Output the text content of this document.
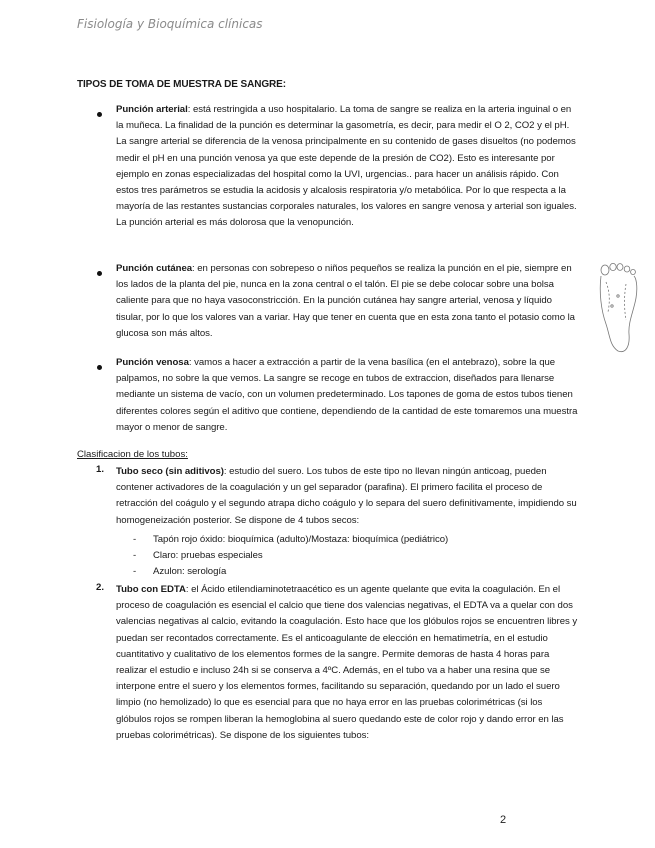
Fisiología y Bioquímica clínicas
TIPOS DE TOMA DE MUESTRA DE SANGRE:
Punción arterial: está restringida a uso hospitalario. La toma de sangre se realiza en la arteria inguinal o en la muñeca. La finalidad de la punción es determinar la gasometría, es decir, para medir el O 2, CO2 y el pH. La sangre arterial se diferencia de la venosa principalmente en su contenido de gases disueltos (no podemos medir el pH en una punción venosa ya que este depende de la presión de CO2). Esto es interesante por ejemplo en zonas especializadas del hospital como la UVI, urgencias.. para hacer un análisis rápido. Con estos tres parámetros se estudia la acidosis y alcalosis respiratoria y/o metabólica. Por lo que respecta a la mayoría de las restantes sustancias corporales naturales, los valores en sangre venosa y arterial son iguales. La punción arterial es más dolorosa que la venopunción.
Punción cutánea: en personas con sobrepeso o niños pequeños se realiza la punción en el pie, siempre en los lados de la planta del pie, nunca en la zona central o el talón. El pie se debe colocar sobre una bolsa caliente para que no haya vasoconstricción. En la punción cutánea hay sangre arterial, venosa y líquido tisular, por lo que los valores van a variar. Hay que tener en cuenta que en esta zona tanto el potasio como la glucosa son más altos.
Punción venosa: vamos a hacer a extracción a partir de la vena basílica (en el antebrazo), sobre la que palpamos, no sobre la que vemos. La sangre se recoge en tubos de extraccion, diseñados para llenarse mediante un sistema de vacío, con un volumen predeterminado. Los tapones de goma de estos tubos tienen diferentes colores según el aditivo que contiene, dependiendo de la cantidad de este tomaremos una muestra mayor o menor de sangre.
Clasificacion de los tubos:
1. Tubo seco (sin aditivos): estudio del suero. Los tubos de este tipo no llevan ningún anticoag, pueden contener activadores de la coagulación y un gel separador (parafina). El primero facilita el proceso de retracción del coágulo y el segundo atrapa dicho coágulo y lo separa del suero definitivamente, impidiendo su homogeneización posterior. Se dispone de 4 tubos secos:
- Tapón rojo óxido: bioquímica (adulto)/Mostaza: bioquímica (pediátrico)
- Claro: pruebas especiales
- Azulon: serología
2. Tubo con EDTA: el Ácido etilendiaminotetraacético es un agente quelante que evita la coagulación. En el proceso de coagulación es esencial el calcio que tiene dos valencias negativas, el EDTA va a quelar con dos valencias negativas al calcio, evitando la coagulación. Esto hace que los glóbulos rojos se encuentren libres y puedan ser recontados correctamente. Es el anticoagulante de elección en hematimetría, en el estudio cuantitativo y cualitativo de los elementos formes de la sangre. Permite demoras de hasta 4 horas para realizar el estudio e incluso 24h si se conserva a 4ºC. Además, en el tubo va a haber una resina que se interpone entre el suero y los elementos formes, facilitando su separación, quedando por un lado el suero limpio (no hemolizado) lo que es esencial para que no haya error en las pruebas colorimétricas (si los glóbulos rojos se rompen liberan la hemoglobina al suero quedando este de color rojo y dando error en las pruebas colorimétricas). Se dispone de los siguientes tubos:
2
